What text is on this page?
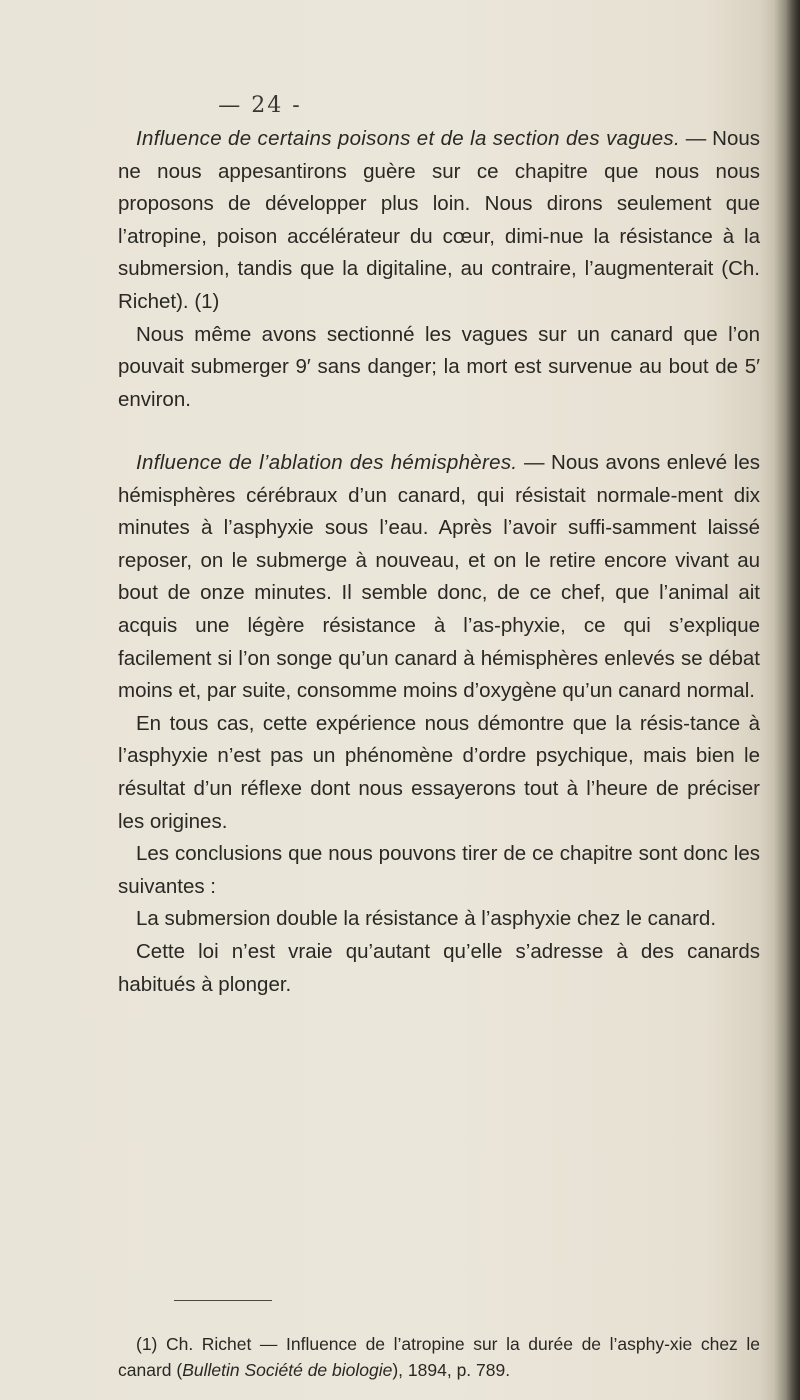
— 24 -

Influence de certains poisons et de la section des vagues. — Nous ne nous appesantirons guère sur ce chapitre que nous nous proposons de développer plus loin. Nous dirons seulement que l’atropine, poison accélérateur du cœur, dimi-nue la résistance à la submersion, tandis que la digitaline, au contraire, l’augmenterait (Ch. Richet). (1)

Nous même avons sectionné les vagues sur un canard que l’on pouvait submerger 9′ sans danger; la mort est survenue au bout de 5′ environ.

Influence de l’ablation des hémisphères. — Nous avons enlevé les hémisphères cérébraux d’un canard, qui résistait normale-ment dix minutes à l’asphyxie sous l’eau. Après l’avoir suffi-samment laissé reposer, on le submerge à nouveau, et on le retire encore vivant au bout de onze minutes. Il semble donc, de ce chef, que l’animal ait acquis une légère résistance à l’as-phyxie, ce qui s’explique facilement si l’on songe qu’un canard à hémisphères enlevés se débat moins et, par suite, consomme moins d’oxygène qu’un canard normal.

En tous cas, cette expérience nous démontre que la résis-tance à l’asphyxie n’est pas un phénomène d’ordre psychique, mais bien le résultat d’un réflexe dont nous essayerons tout à l’heure de préciser les origines.

Les conclusions que nous pouvons tirer de ce chapitre sont donc les suivantes :

La submersion double la résistance à l’asphyxie chez le canard.

Cette loi n’est vraie qu’autant qu’elle s’adresse à des canards habitués à plonger.

(1) Ch. Richet — Influence de l’atropine sur la durée de l’asphy-xie chez le canard (Bulletin Société de biologie), 1894, p. 789.
